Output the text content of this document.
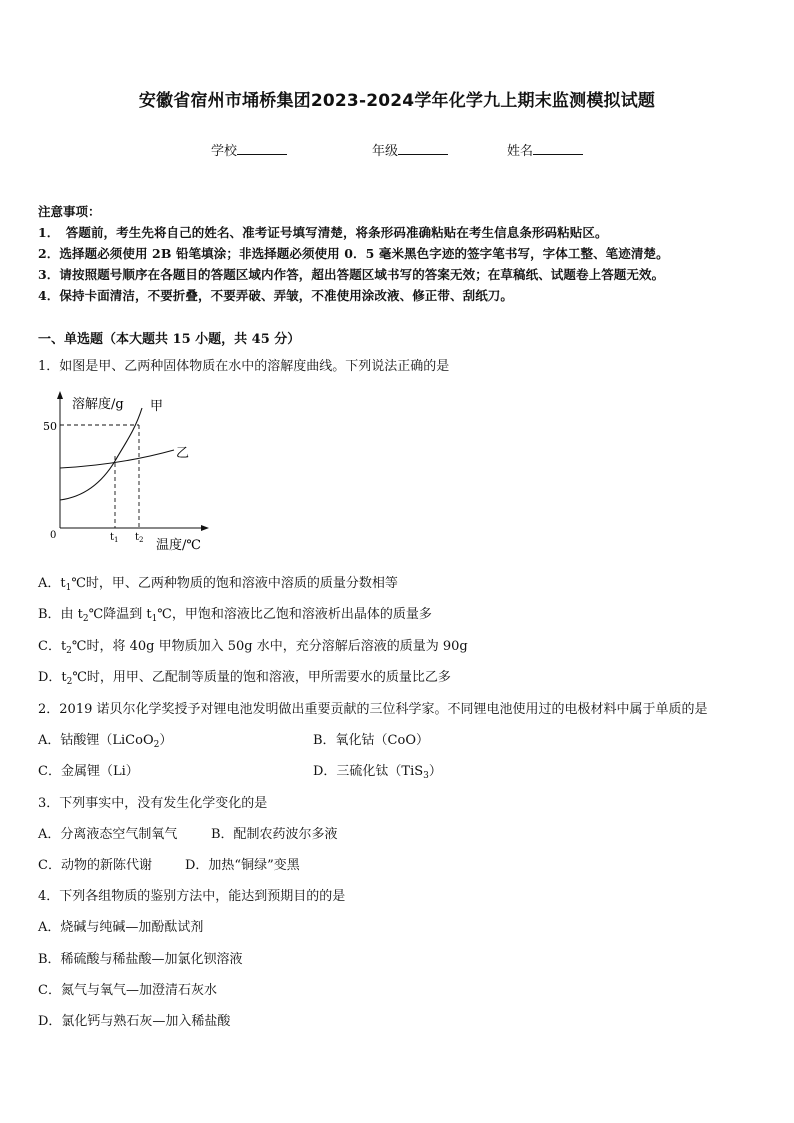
安徽省宿州市埇桥集团2023-2024学年化学九上期末监测模拟试题
学校	年级	姓名
注意事项：
1．　答题前，考生先将自己的姓名、准考证号填写清楚，将条形码准确粘贴在考生信息条形码粘贴区。
2．选择题必须使用 2B 铅笔填涂；非选择题必须使用 0．5 毫米黑色字迹的签字笔书写，字体工整、笔迹清楚。
3．请按照题号顺序在各题目的答题区域内作答，超出答题区域书写的答案无效；在草稿纸、试题卷上答题无效。
4．保持卡面清洁，不要折叠，不要弄破、弄皱，不准使用涂改液、修正带、刮纸刀。
一、单选题（本大题共 15 小题，共 45 分）
1．如图是甲、乙两种固体物质在水中的溶解度曲线。下列说法正确的是
溶解度/g
50
甲
乙
0	$t_1$ $t_2$ 温度/℃
A．$t_1℃$时，甲、乙两种物质的饱和溶液中溶质的质量分数相等
B．由 $t_2℃$降温到 $t_1℃$，甲饱和溶液比乙饱和溶液析出晶体的质量多
C．$t_2℃$时，将 40g 甲物质加入 50g 水中，充分溶解后溶液的质量为 90g
D．$t_2℃$时，用甲、乙配制等质量的饱和溶液，甲所需要水的质量比乙多
2．2019 诺贝尔化学奖授予对锂电池发明做出重要贡献的三位科学家。不同锂电池使用过的电极材料中属于单质的是
A．钴酸锂（LiCoO$_2$）	B．氧化钴（CoO）
C．金属锂（Li）	D．三硫化钛（TiS$_3$）
3．下列事实中，没有发生化学变化的是
A．分离液态空气制氧气	B．配制农药波尔多液
C．动物的新陈代谢	D．加热“铜绿”变黑
4．下列各组物质的鉴别方法中，能达到预期目的的是
A．烧碱与纯碱—加酚酞试剂
B．稀硫酸与稀盐酸—加氯化钡溶液
C．氮气与氧气—加澄清石灰水
D．氯化钙与熟石灰—加入稀盐酸
